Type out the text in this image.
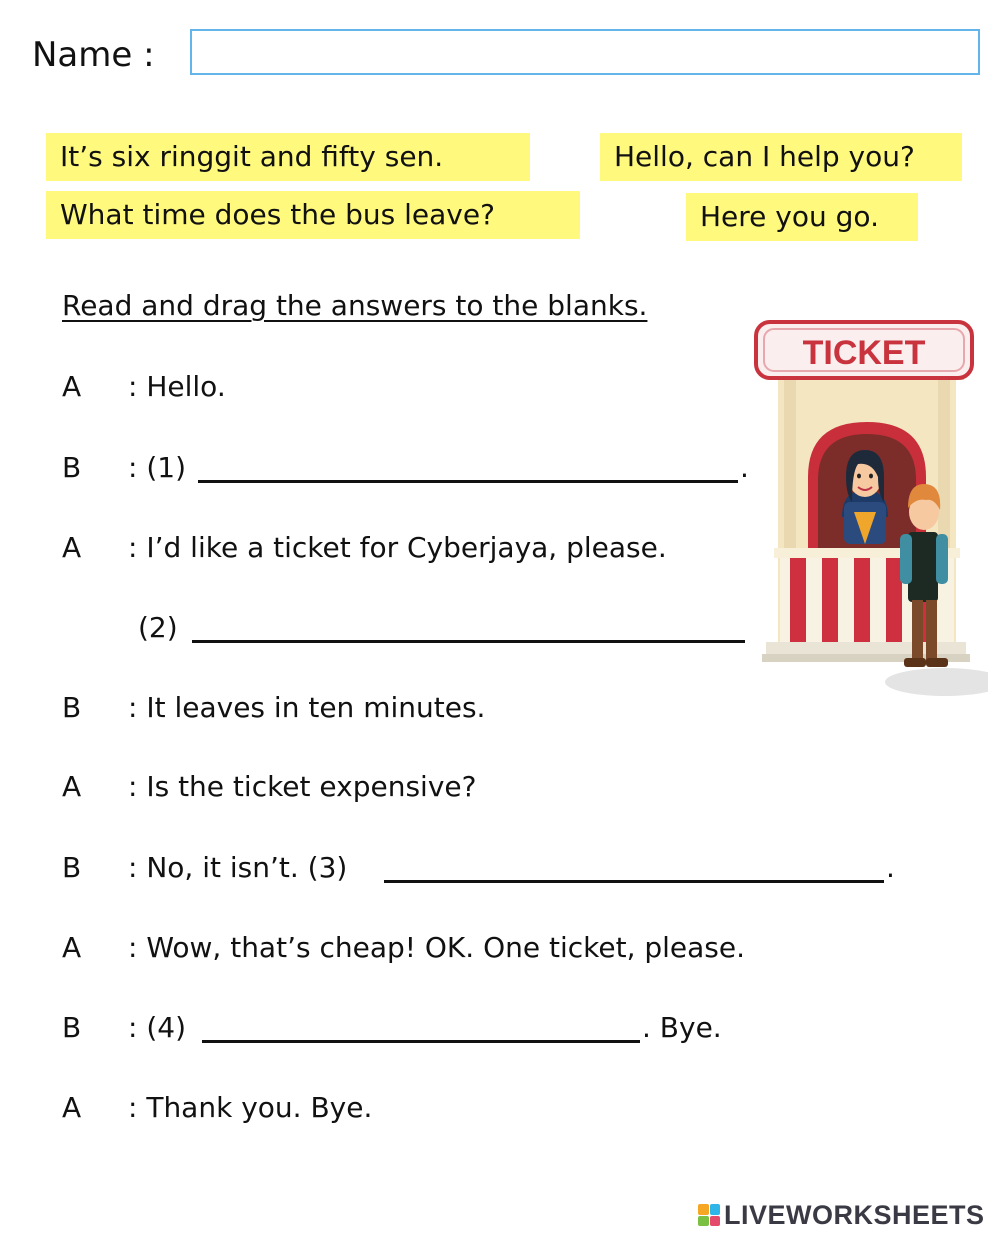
Name :
It’s six ringgit and fifty sen.	Hello, can I help you?
What time does the bus leave?	Here you go.
Read and drag the answers to the blanks.
A : Hello.
B : (1)	.
A : I’d like a ticket for Cyberjaya, please.
(2)
B : It leaves in ten minutes.
A : Is the ticket expensive?
B : No, it isn’t. (3)	.
A : Wow, that’s cheap! OK. One ticket, please.
B : (4)	. Bye.
A : Thank you. Bye.
TICKET
LIVEWORKSHEETS
